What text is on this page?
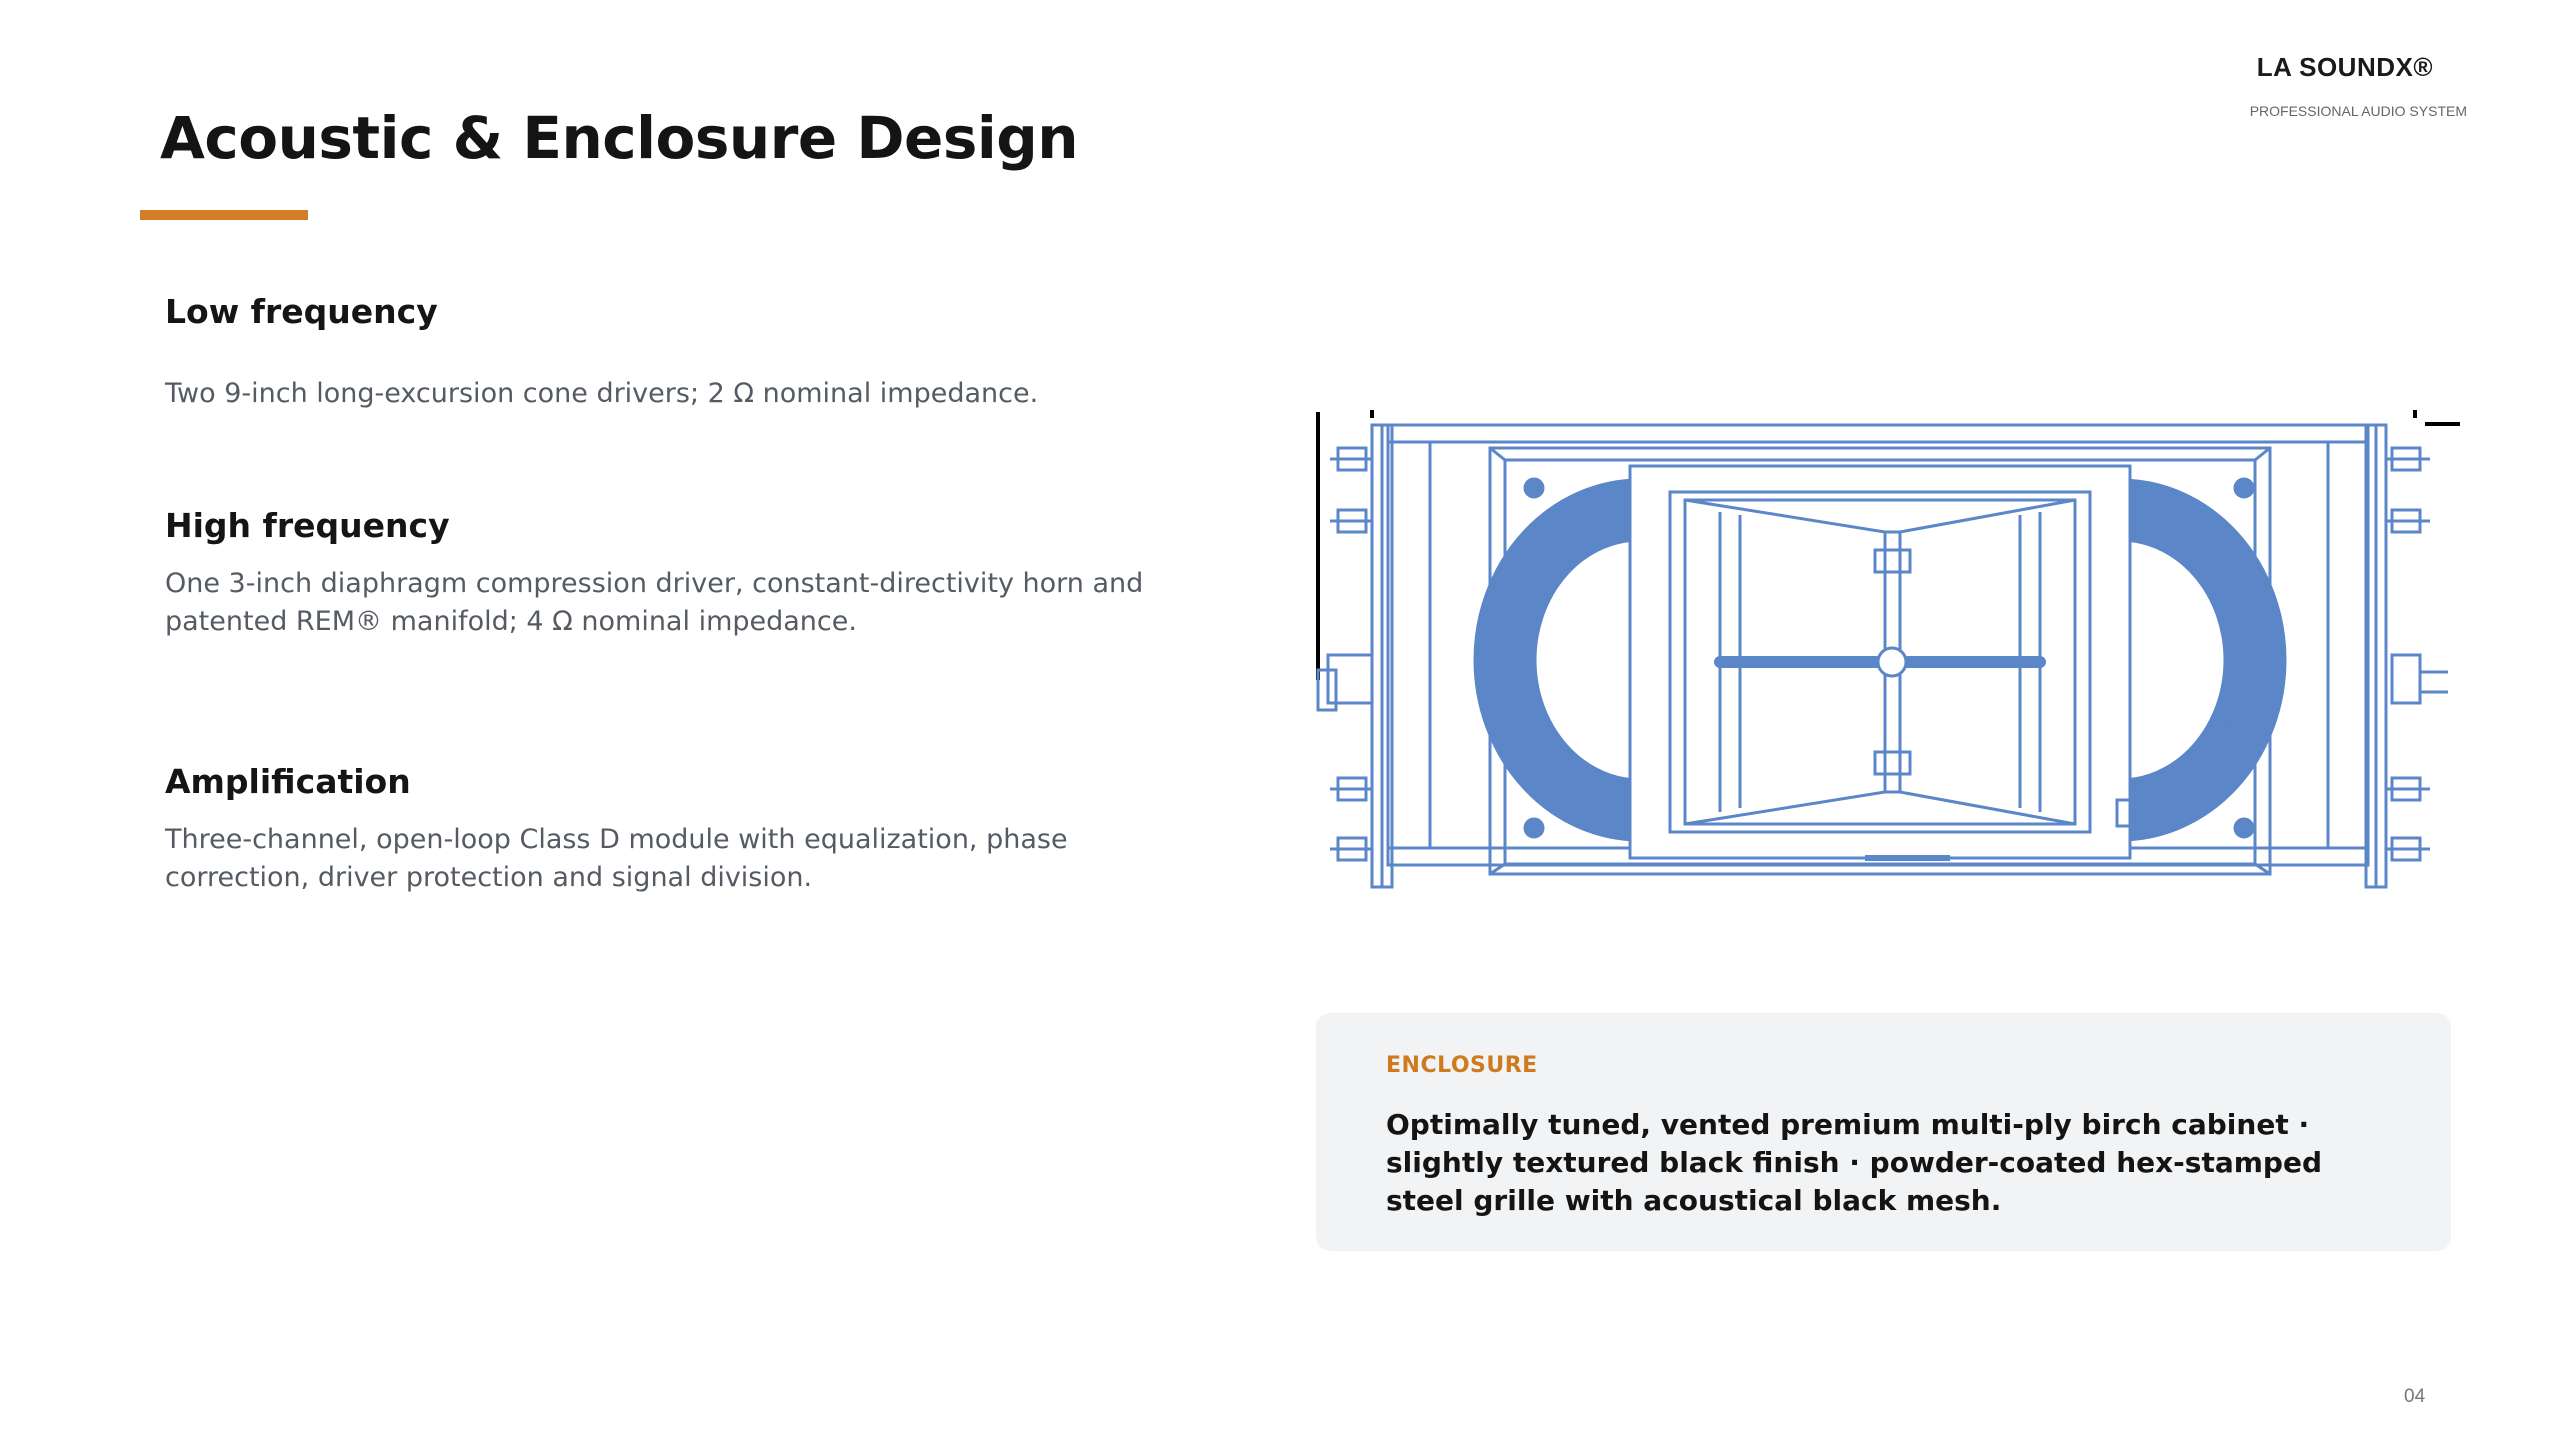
LA SOUNDX®
PROFESSIONAL AUDIO SYSTEM
Acoustic & Enclosure Design
Low frequency

Two 9-inch long-excursion cone drivers; 2 Ω nominal impedance.

High frequency

One 3-inch diaphragm compression driver, constant-directivity horn and patented REM® manifold; 4 Ω nominal impedance.

Amplification

Three-channel, open-loop Class D module with equalization, phase correction, driver protection and signal division.

ENCLOSURE
Optimally tuned, vented premium multi-ply birch cabinet · slightly textured black finish · powder-coated hex-stamped steel grille with acoustical black mesh.
04
